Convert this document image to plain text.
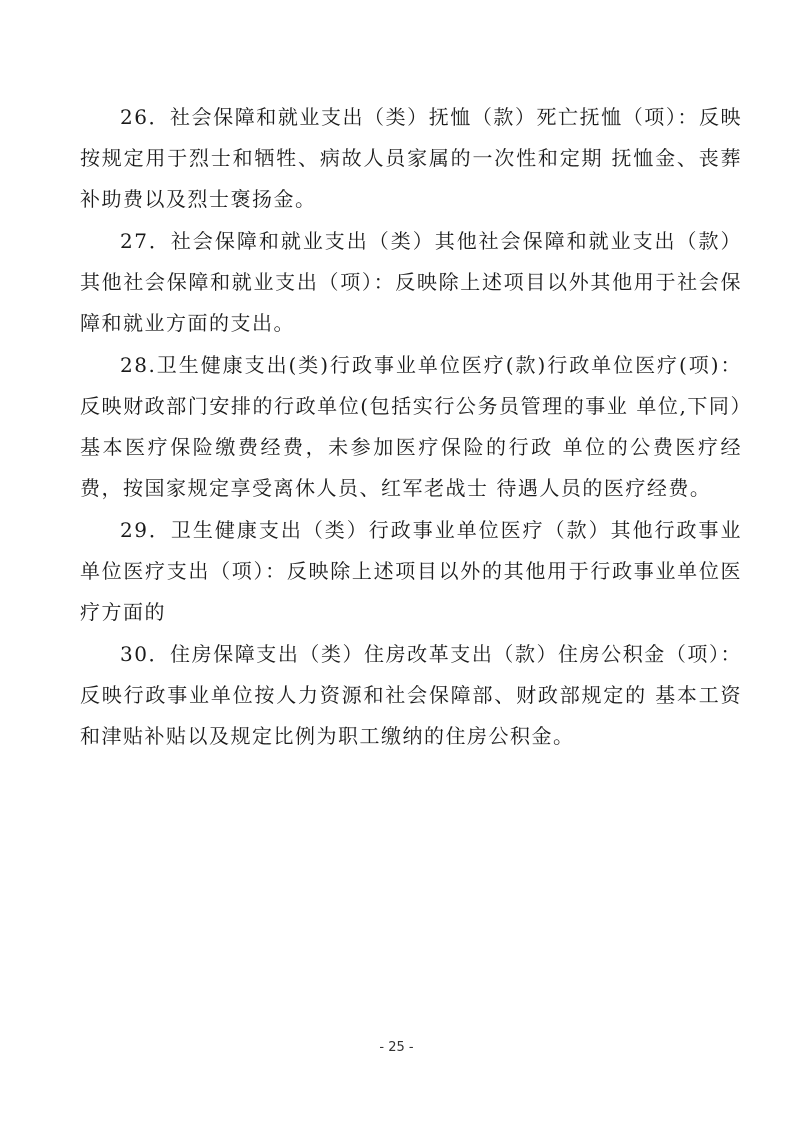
26．社会保障和就业支出（类）抚恤（款）死亡抚恤（项）：反映按规定用于烈士和牺牲、病故人员家属的一次性和定期 抚恤金、丧葬补助费以及烈士褒扬金。

27．社会保障和就业支出（类）其他社会保障和就业支出（款）其他社会保障和就业支出（项）：反映除上述项目以外其他用于社会保障和就业方面的支出。

28.卫生健康支出(类)行政事业单位医疗(款)行政单位医疗(项)：反映财政部门安排的行政单位(包括实行公务员管理的事业 单位,下同）基本医疗保险缴费经费，未参加医疗保险的行政 单位的公费医疗经费，按国家规定享受离休人员、红军老战士 待遇人员的医疗经费。

29．卫生健康支出（类）行政事业单位医疗（款）其他行政事业单位医疗支出（项）：反映除上述项目以外的其他用于行政事业单位医疗方面的

30．住房保障支出（类）住房改革支出（款）住房公积金（项）：反映行政事业单位按人力资源和社会保障部、财政部规定的 基本工资和津贴补贴以及规定比例为职工缴纳的住房公积金。

- 25 -
